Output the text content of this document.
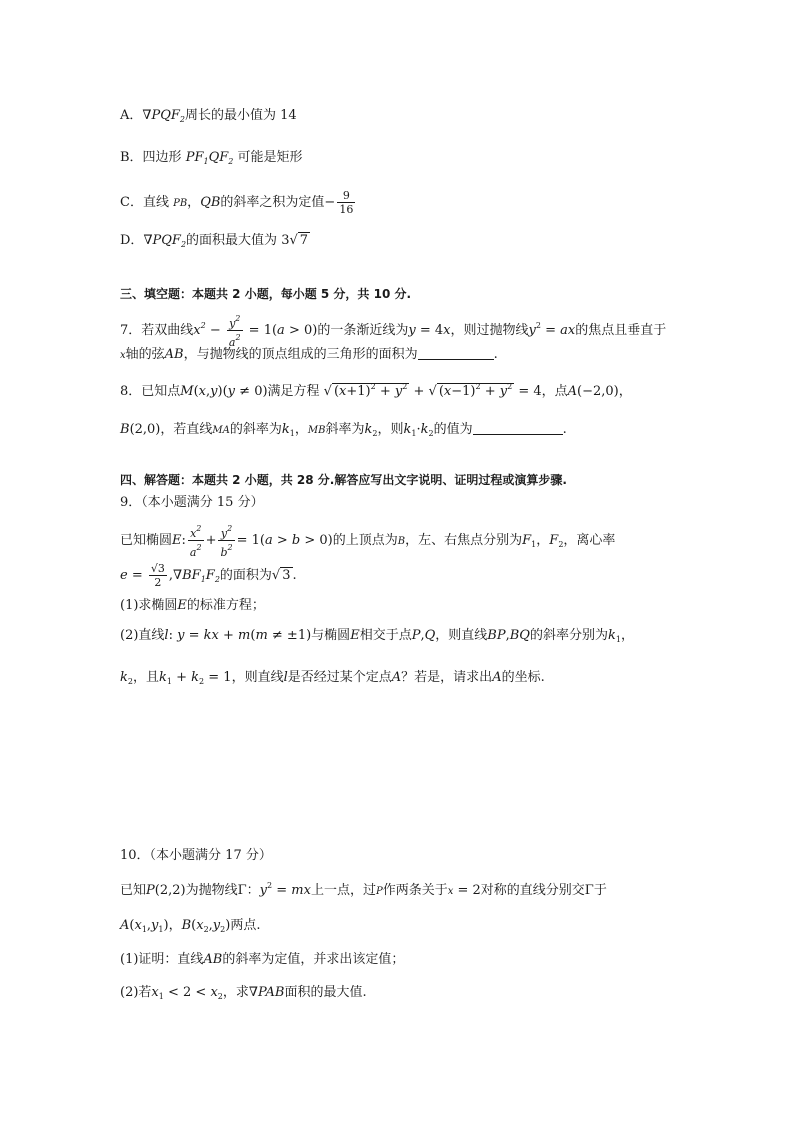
A．$\nabla PQF_2$周长的最小值为 14
B．四边形 $PF_1QF_2$ 可能是矩形
C．直线 PB，QB的斜率之积为定值− $\frac{9}{16}$
D．$\nabla PQF_2$的面积最大值为 3√ 7
三、填空题：本题共 2 小题，每小题 5 分，共 10 分.
7．若双曲线$x^2 - \frac{y^2}{a^2} = 1(a > 0)$的一条渐近线为y = 4x，则过抛物线$y^2$ = ax的焦点且垂直于
x轴的弦AB，与抛物线的顶点组成的三角形的面积为	.
8．已知点M(x,y)(y ≠ 0)满足方程 √ $(x+1)^2 + y^2$ + √ $(x-1)^2 + y^2 = 4$，点A(−2,0)，
B(2,0)，若直线MA的斜率为$k_1$，MB斜率为$k_2$，则$k_1\cdot k_2$的值为	.
四、解答题：本题共 2 小题，共 28 分.解答应写出文字说明、证明过程或演算步骤.
9．（本小题满分 15 分）
已知椭圆E: $\frac{x^2}{a^2} + \frac{y^2}{b^2} = 1(a > b > 0)$的上顶点为B，左、右焦点分别为$F_1$，$F_2$，离心率
$e = \frac{√3}{2} ,\nabla BF_1F_2$的面积为√ 3 .
(1)求椭圆E的标准方程；
(2)直线l: y = kx + m(m ≠ ±1)与椭圆E相交于点P,Q，则直线BP,BQ的斜率分别为$k_1$，
$k_2$，且$k_1 + k_2 = 1$，则直线l是否经过某个定点A？若是，请求出A的坐标.
10．（本小题满分 17 分）
已知P(2,2)为抛物线Γ：$y^2$ = mx上一点，过P作两条关于x = 2对称的直线分别交Γ于
$A(x_1,y_1)$，$B(x_2,y_2)$两点.
(1)证明：直线AB的斜率为定值，并求出该定值；
(2)若$x_1 < 2 < x_2$，求∇PAB面积的最大值.
